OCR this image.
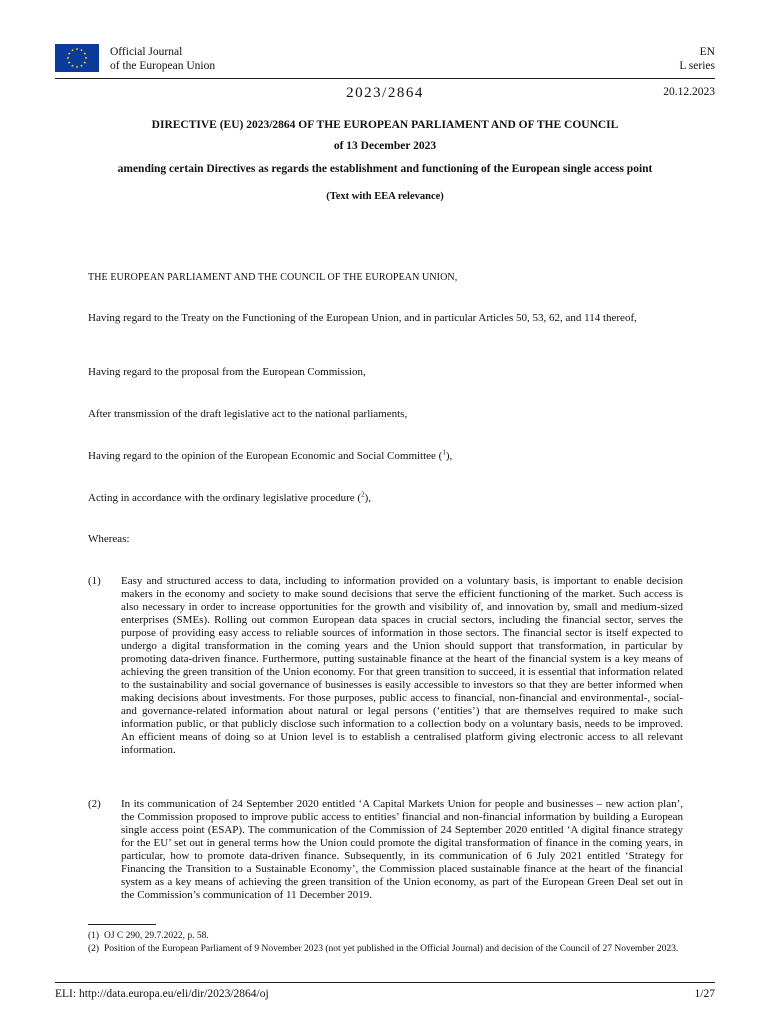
Official Journal
of the European Union
EN
L series
2023/2864	20.12.2023
DIRECTIVE (EU) 2023/2864 OF THE EUROPEAN PARLIAMENT AND OF THE COUNCIL
of 13 December 2023
amending certain Directives as regards the establishment and functioning of the European single access point
(Text with EEA relevance)
THE EUROPEAN PARLIAMENT AND THE COUNCIL OF THE EUROPEAN UNION,
Having regard to the Treaty on the Functioning of the European Union, and in particular Articles 50, 53, 62, and 114 thereof,
Having regard to the proposal from the European Commission,
After transmission of the draft legislative act to the national parliaments,
Having regard to the opinion of the European Economic and Social Committee ($^1$),
Acting in accordance with the ordinary legislative procedure ($^2$),
Whereas:
(1) Easy and structured access to data, including to information provided on a voluntary basis, is important to enable decision makers in the economy and society to make sound decisions that serve the efficient functioning of the market. Such access is also necessary in order to increase opportunities for the growth and visibility of, and innovation by, small and medium-sized enterprises (SMEs). Rolling out common European data spaces in crucial sectors, including the financial sector, serves the purpose of providing easy access to reliable sources of information in those sectors. The financial sector is itself expected to undergo a digital transformation in the coming years and the Union should support that transformation, in particular by promoting data-driven finance. Furthermore, putting sustainable finance at the heart of the financial system is a key means of achieving the green transition of the Union economy. For that green transition to succeed, it is essential that information related to the sustainability and social governance of businesses is easily accessible to investors so that they are better informed when making decisions about investments. For those purposes, public access to financial, non-financial and environmental-, social- and governance-related information about natural or legal persons (‘entities’) that are themselves required to make such information public, or that publicly disclose such information to a collection body on a voluntary basis, needs to be improved. An efficient means of doing so at Union level is to establish a centralised platform giving electronic access to all relevant information.
(2) In its communication of 24 September 2020 entitled ‘A Capital Markets Union for people and businesses – new action plan’, the Commission proposed to improve public access to entities’ financial and non-financial information by building a European single access point (ESAP). The communication of the Commission of 24 September 2020 entitled ‘A digital finance strategy for the EU’ set out in general terms how the Union could promote the digital transformation of finance in the coming years, in particular, how to promote data-driven finance. Subsequently, in its communication of 6 July 2021 entitled ‘Strategy for Financing the Transition to a Sustainable Economy’, the Commission placed sustainable finance at the heart of the financial system as a key means of achieving the green transition of the Union economy, as part of the European Green Deal set out in the Commission’s communication of 11 December 2019.
(1) OJ C 290, 29.7.2022, p. 58.
(2) Position of the European Parliament of 9 November 2023 (not yet published in the Official Journal) and decision of the Council of 27 November 2023.
ELI: http://data.europa.eu/eli/dir/2023/2864/oj	1/27
